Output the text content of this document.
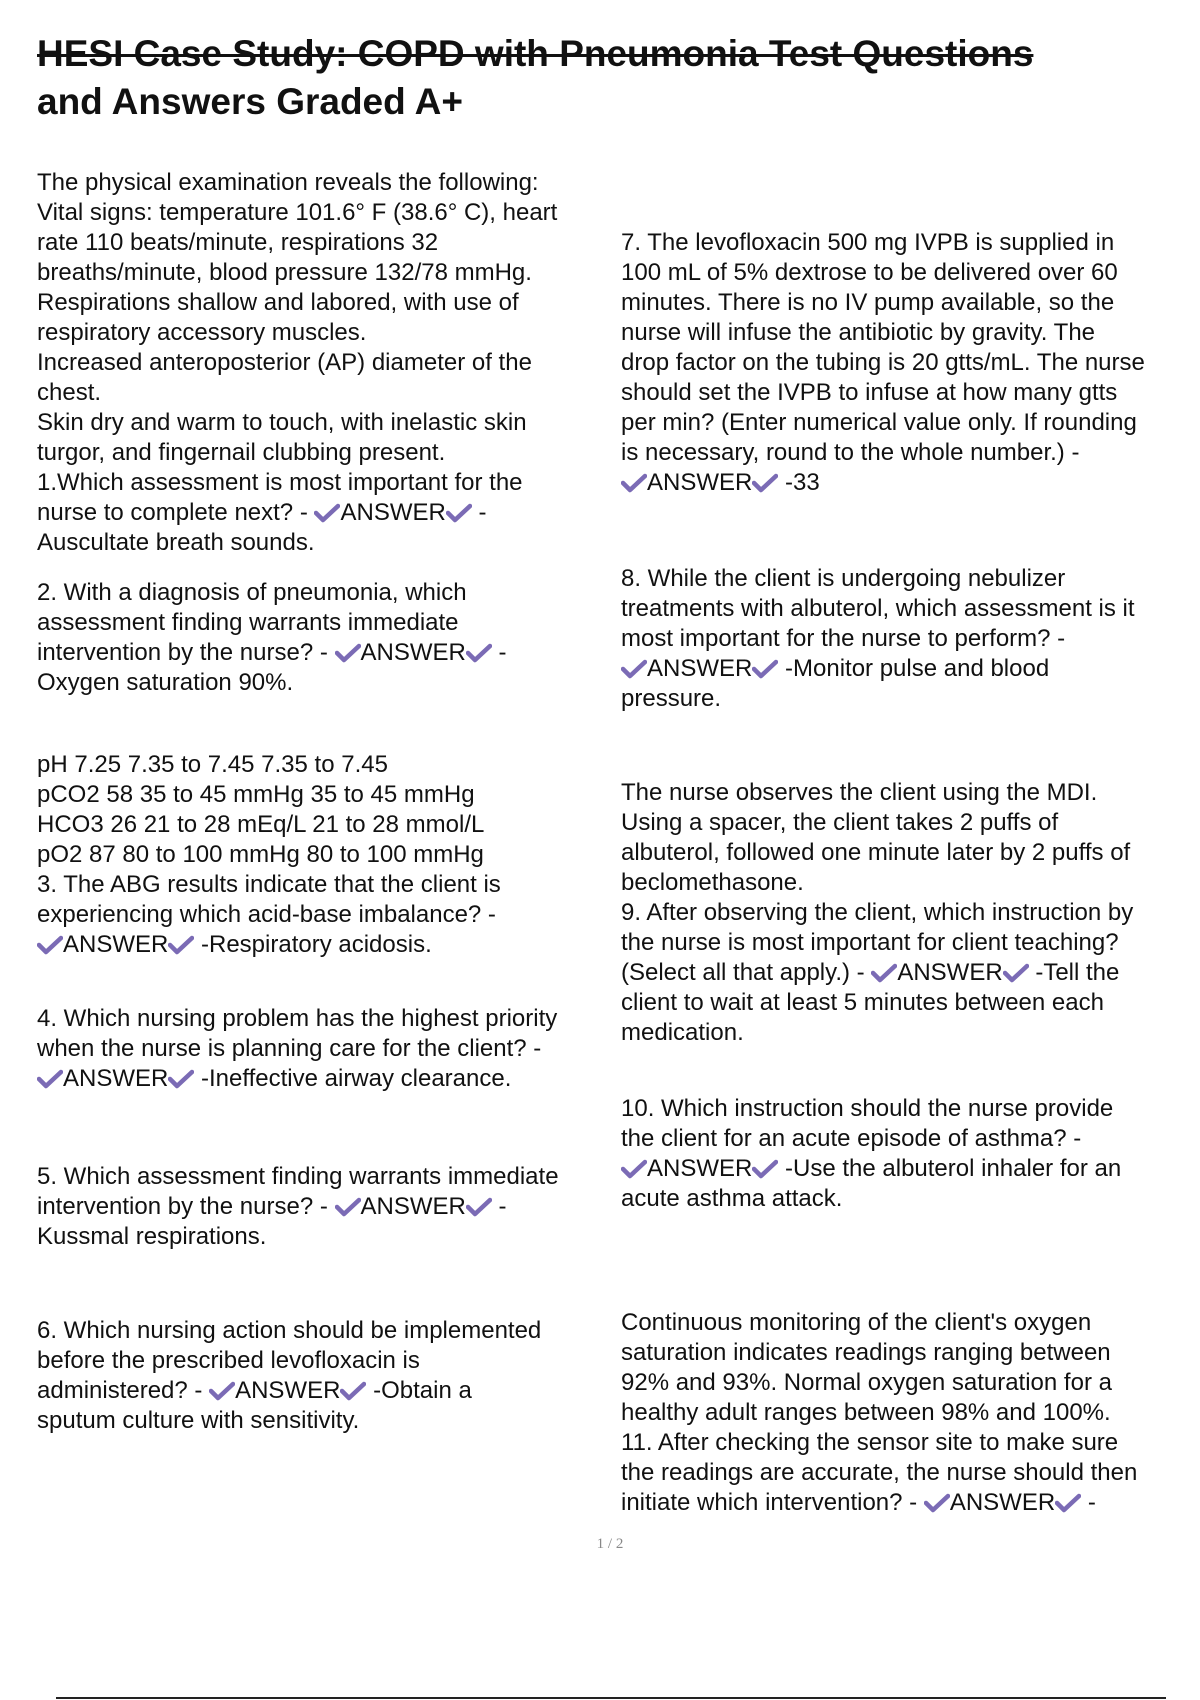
HESI Case Study: COPD with Pneumonia Test Questions
and Answers Graded A+
The physical examination reveals the following:
Vital signs: temperature 101.6° F (38.6° C), heart
rate 110 beats/minute, respirations 32
breaths/minute, blood pressure 132/78 mmHg.
Respirations shallow and labored, with use of
respiratory accessory muscles.
Increased anteroposterior (AP) diameter of the
chest.
Skin dry and warm to touch, with inelastic skin
turgor, and fingernail clubbing present.
1.Which assessment is most important for the
nurse to complete next? - ANSWER -
Auscultate breath sounds.
2. With a diagnosis of pneumonia, which
assessment finding warrants immediate
intervention by the nurse? - ANSWER -
Oxygen saturation 90%.
pH 7.25 7.35 to 7.45 7.35 to 7.45
pCO2 58 35 to 45 mmHg 35 to 45 mmHg
HCO3 26 21 to 28 mEq/L 21 to 28 mmol/L
pO2 87 80 to 100 mmHg 80 to 100 mmHg
3. The ABG results indicate that the client is
experiencing which acid-base imbalance? -
ANSWER -Respiratory acidosis.
4. Which nursing problem has the highest priority
when the nurse is planning care for the client? -
ANSWER -Ineffective airway clearance.
5. Which assessment finding warrants immediate
intervention by the nurse? - ANSWER -
Kussmal respirations.
6. Which nursing action should be implemented
before the prescribed levofloxacin is
administered? - ANSWER -Obtain a
sputum culture with sensitivity.
7. The levofloxacin 500 mg IVPB is supplied in
100 mL of 5% dextrose to be delivered over 60
minutes. There is no IV pump available, so the
nurse will infuse the antibiotic by gravity. The
drop factor on the tubing is 20 gtts/mL. The nurse
should set the IVPB to infuse at how many gtts
per min? (Enter numerical value only. If rounding
is necessary, round to the whole number.) -
ANSWER -33
8. While the client is undergoing nebulizer
treatments with albuterol, which assessment is it
most important for the nurse to perform? -
ANSWER -Monitor pulse and blood
pressure.
The nurse observes the client using the MDI.
Using a spacer, the client takes 2 puffs of
albuterol, followed one minute later by 2 puffs of
beclomethasone.
9. After observing the client, which instruction by
the nurse is most important for client teaching?
(Select all that apply.) - ANSWER -Tell the
client to wait at least 5 minutes between each
medication.
10. Which instruction should the nurse provide
the client for an acute episode of asthma? -
ANSWER -Use the albuterol inhaler for an
acute asthma attack.
Continuous monitoring of the client's oxygen
saturation indicates readings ranging between
92% and 93%. Normal oxygen saturation for a
healthy adult ranges between 98% and 100%.
11. After checking the sensor site to make sure
the readings are accurate, the nurse should then
initiate which intervention? - ANSWER -
1 / 2
